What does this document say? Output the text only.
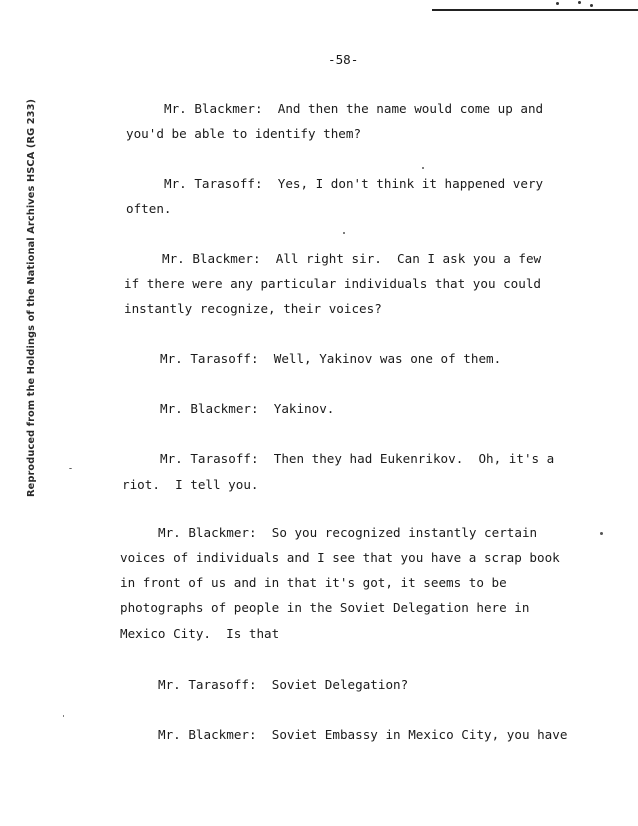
-58-
Reproduced from the Holdings of the National Archives HSCA (RG 233)	Mr. Blackmer:  And then the name would come up and
you'd be able to identify them?
Mr. Tarasoff:  Yes, I don't think it happened very
often.
Mr. Blackmer:  All right sir.  Can I ask you a few
if there were any particular individuals that you could
instantly recognize, their voices?
Mr. Tarasoff:  Well, Yakinov was one of them.
Mr. Blackmer:  Yakinov.
Mr. Tarasoff:  Then they had Eukenrikov.  Oh, it's a
riot.  I tell you.
Mr. Blackmer:  So you recognized instantly certain
voices of individuals and I see that you have a scrap book
in front of us and in that it's got, it seems to be
photographs of people in the Soviet Delegation here in
Mexico City.  Is that
Mr. Tarasoff:  Soviet Delegation?
Mr. Blackmer:  Soviet Embassy in Mexico City, you have
